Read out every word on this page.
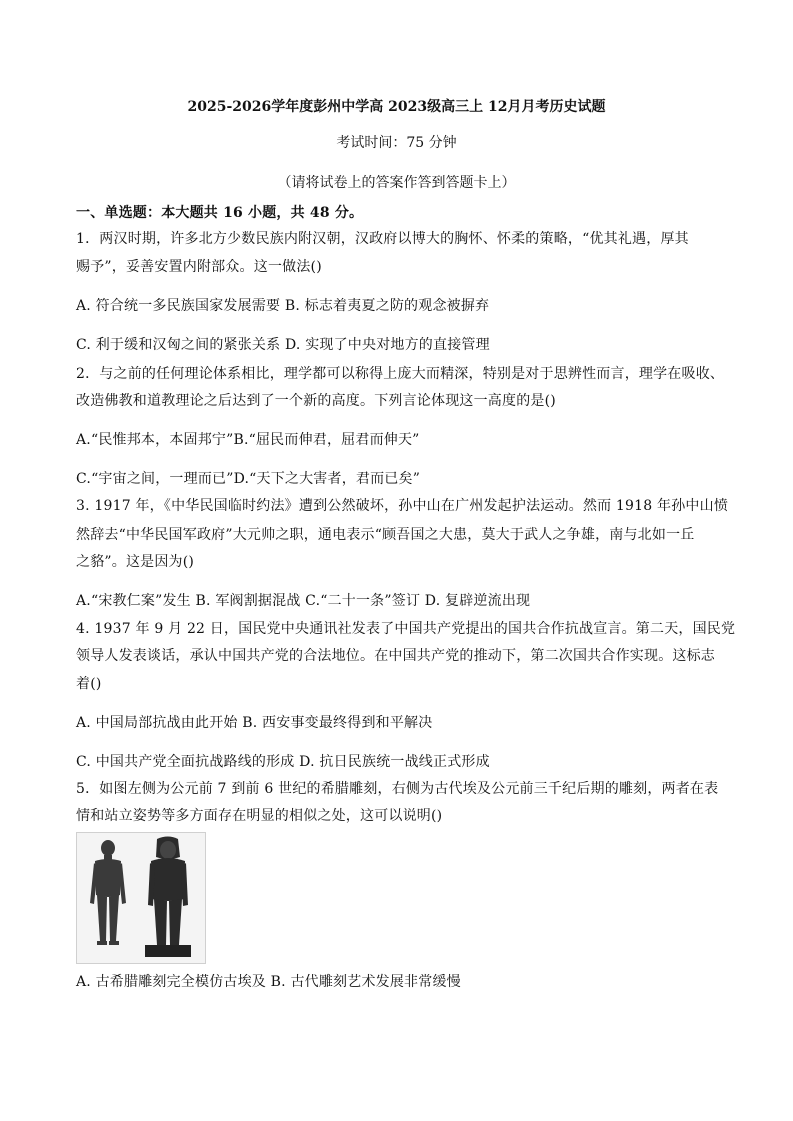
2025-2026学年度彭州中学高 2023级高三上 12月月考历史试题
考试时间：75 分钟
（请将试卷上的答案作答到答题卡上）
一、单选题：本大题共 16 小题，共 48 分。
1．两汉时期，许多北方少数民族内附汉朝，汉政府以博大的胸怀、怀柔的策略，“优其礼遇，厚其
赐予”，妥善安置内附部众。这一做法()
A. 符合统一多民族国家发展需要 B. 标志着夷夏之防的观念被摒弃
C. 利于缓和汉匈之间的紧张关系 D. 实现了中央对地方的直接管理
2．与之前的任何理论体系相比，理学都可以称得上庞大而精深，特别是对于思辨性而言，理学在吸收、
改造佛教和道教理论之后达到了一个新的高度。下列言论体现这一高度的是()
A.“民惟邦本，本固邦宁”B.“屈民而伸君，屈君而伸天”
C.“宇宙之间，一理而已”D.“天下之大害者，君而已矣”
3. 1917 年，《中华民国临时约法》遭到公然破坏，孙中山在广州发起护法运动。然而 1918 年孙中山愤
然辞去“中华民国军政府”大元帅之职，通电表示“顾吾国之大患，莫大于武人之争雄，南与北如一丘
之貉”。这是因为()
A.“宋教仁案”发生 B. 军阀割据混战 C.“二十一条”签订 D. 复辟逆流出现
4. 1937 年 9 月 22 日，国民党中央通讯社发表了中国共产党提出的国共合作抗战宣言。第二天，国民党
领导人发表谈话，承认中国共产党的合法地位。在中国共产党的推动下，第二次国共合作实现。这标志
着()
A. 中国局部抗战由此开始 B. 西安事变最终得到和平解决
C. 中国共产党全面抗战路线的形成 D. 抗日民族统一战线正式形成
5．如图左侧为公元前 7 到前 6 世纪的希腊雕刻，右侧为古代埃及公元前三千纪后期的雕刻，两者在表
情和站立姿势等多方面存在明显的相似之处，这可以说明()
A. 古希腊雕刻完全模仿古埃及 B. 古代雕刻艺术发展非常缓慢
